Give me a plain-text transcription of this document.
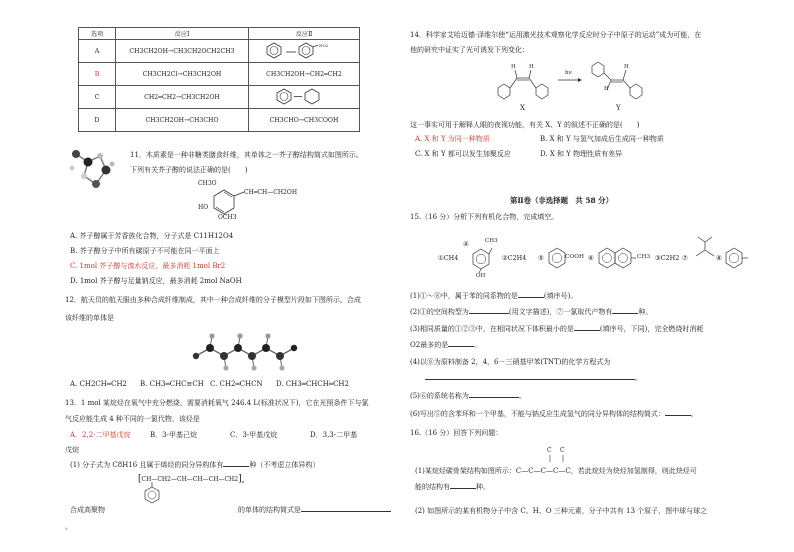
选项	反应Ⅰ	反应Ⅱ
A	CH3CH2OH→CH3CH2OCH2CH3	NO2

B	CH3CH2Cl→CH3CH2OH	CH3CH2OH→CH2═CH2
C	CH2═CH2→CH3CH2OH	
D	CH3CH2OH→CH3CHO	CH3CHO→CH3COOH
11．木质素是一种非糖类膳食纤维，其单体之一芥子醇结构简式如图所示。
下列有关芥子醇的说法正确的是(　　)
CH3O
CH═CH—CH2OH
HO
OCH3
A. 芥子醇属于芳香族化合物，分子式是 C11H12O4
B. 芥子醇分子中所有碳原子不可能在同一平面上
C. 1mol 芥子醇与溴水反应，最多消耗 1mol Br2
D. 1mol 芥子醇与足量钠反应，最多消耗 2mol NaOH
12．航天员的航天服由多种合成纤维制成，其中一种合成纤维的分子模型片段如下图所示，合成
该纤维的单体是
A. CH2CH═CH2 B. CH3═CHC≡CH C. CH2═CHCN D. CH3═CHCH═CH2
13．1 mol 某烷烃在氧气中充分燃烧，需要消耗氧气 246.4 L(标准状况下)，它在光照条件下与氯
气反应能生成 4 种不同的一氯代物，该烃是
A．2,2-二甲基戊烷	B．3-甲基己烷	C．3-甲基戊烷	D．3,3-二甲基
戊烷
(1) 分子式为 C8H16 且属于烯烃的同分异构体有	种（不考虑立体异构）
$[CH—CH2—CH—CH—CH—CH2]_n$
合成高聚物	的单体的结构简式是
。
14．科学家艾哈迈德·泽维尔使“运用激光技术观察化学反应时分子中原子的运动”成为可能，在
他的研究中证实了光可诱发下列变化：
H H
hν
H
H
X	Y
这一事实可用于解释人眼的夜视功能，有关 X、Y 的叙述不正确的是(　　)
A. X 和 Y 为同一种物质	B. X 和 Y 与氢气加成后生成同一种物质
C. X 和 Y 都可以发生加聚反应	D. X 和 Y 物理性质有差异
第Ⅱ卷（非选择题　共 58 分）
15.（16 分）分析下列有机化合物，完成填空。
①CH4
④	CH3
OH
②C2H4 ⑤	COOH ⑥	CH3 ③C2H2 ⑦	⑧
(1)①～⑧中，属于苯的同系物的是	(填序号)。
(2)①的空间构型为	(用文字描述)，⑦一氯取代产物有	种。
(3)相同质量的①②③中，在相同状况下体积最小的是	(填序号，下同)，完全燃烧时消耗
O2最多的是	。
(4)以⑧为原料制备 2，4，6－三硝基甲苯(TNT)的化学方程式为
。
(5)⑥的系统名称为	。
(6)写出⑤的含苯环和一个甲基，不能与钠反应生成氢气的同分异构体的结构简式：	。
16.（16 分）回答下列问题：
C C
(1)某烷烃碳骨架结构如图所示：C—C—C—C—C，若此烷烃为炔烃加氢制得，则此炔烃可
能的结构有	种。
(2) 如图所示的某有机物分子中含 C、H、O 三种元素，分子中共有 13 个原子，图中球与球之
